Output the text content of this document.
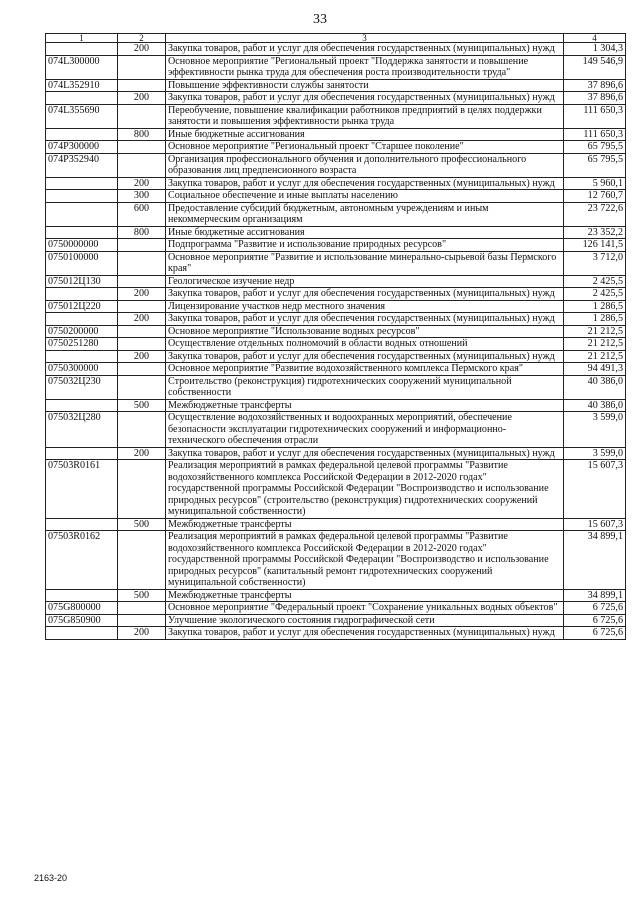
33
1	2	3	4
	200	Закупка товаров, работ и услуг для обеспечения государственных (муниципальных) нужд	1 304,3
074L300000		Основное мероприятие "Региональный проект "Поддержка занятости и повышение эффективности рынка труда для обеспечения роста производительности труда"	149 546,9
074L352910		Повышение эффективности службы занятости	37 896,6
	200	Закупка товаров, работ и услуг для обеспечения государственных (муниципальных) нужд	37 896,6
074L355690		Переобучение, повышение квалификации работников предприятий в целях поддержки занятости и повышения эффективности рынка труда	111 650,3
	800	Иные бюджетные ассигнования	111 650,3
074P300000		Основное мероприятие "Региональный проект "Старшее поколение"	65 795,5
074P352940		Организация профессионального обучения и дополнительного профессионального образования лиц предпенсионного возраста	65 795,5
	200	Закупка товаров, работ и услуг для обеспечения государственных (муниципальных) нужд	5 960,1
	300	Социальное обеспечение и иные выплаты населению	12 760,7
	600	Предоставление субсидий бюджетным, автономным учреждениям и иным некоммерческим организациям	23 722,6
	800	Иные бюджетные ассигнования	23 352,2
0750000000		Подпрограмма "Развитие и использование природных ресурсов"	126 141,5
0750100000		Основное мероприятие "Развитие и использование минерально-сырьевой базы Пермского края"	3 712,0
075012Ц130		Геологическое изучение недр	2 425,5
	200	Закупка товаров, работ и услуг для обеспечения государственных (муниципальных) нужд	2 425,5
075012Ц220		Лицензирование участков недр местного значения	1 286,5
	200	Закупка товаров, работ и услуг для обеспечения государственных (муниципальных) нужд	1 286,5
0750200000		Основное мероприятие "Использование водных ресурсов"	21 212,5
0750251280		Осуществление отдельных полномочий в области водных отношений	21 212,5
	200	Закупка товаров, работ и услуг для обеспечения государственных (муниципальных) нужд	21 212,5
0750300000		Основное мероприятие "Развитие водохозяйственного комплекса Пермского края"	94 491,3
075032Ц230		Строительство (реконструкция) гидротехнических сооружений муниципальной собственности	40 386,0
	500	Межбюджетные трансферты	40 386,0
075032Ц280		Осуществление водохозяйственных и водоохранных мероприятий, обеспечение безопасности эксплуатации гидротехнических сооружений и информационно-технического обеспечения отрасли	3 599,0
	200	Закупка товаров, работ и услуг для обеспечения государственных (муниципальных) нужд	3 599,0
07503R0161		Реализация мероприятий в рамках федеральной целевой программы "Развитие водохозяйственного комплекса Российской Федерации в 2012-2020 годах" государственной программы Российской Федерации "Воспроизводство и использование природных ресурсов" (строительство (реконструкция) гидротехнических сооружений муниципальной собственности)	15 607,3
	500	Межбюджетные трансферты	15 607,3
07503R0162		Реализация мероприятий в рамках федеральной целевой программы "Развитие водохозяйственного комплекса Российской Федерации в 2012-2020 годах" государственной программы Российской Федерации "Воспроизводство и использование природных ресурсов" (капитальный ремонт гидротехнических сооружений муниципальной собственности)	34 899,1
	500	Межбюджетные трансферты	34 899,1
075G800000		Основное мероприятие "Федеральный проект "Сохранение уникальных водных объектов"	6 725,6
075G850900		Улучшение экологического состояния гидрографической сети	6 725,6
	200	Закупка товаров, работ и услуг для обеспечения государственных (муниципальных) нужд	6 725,6
2163-20
